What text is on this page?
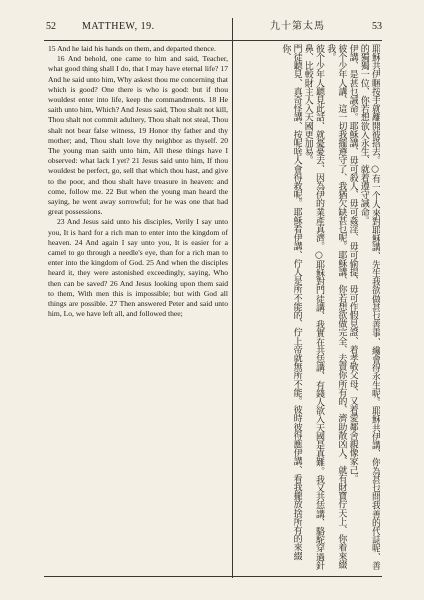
52	MATTHEW, 19.	九十第太馬	53

15 And he laid his hands on them, and departed thence.

16 And behold, one came to him and said, Teacher, what good thing shall I do, that I may have eternal life? 17 And he said unto him, Why askest thou me concerning that which is good? One there is who is good: but if thou wouldest enter into life, keep the commandments. 18 He saith unto him, Which? And Jesus said, Thou shalt not kill, Thou shalt not commit adultery, Thou shalt not steal, Thou shalt not bear false witness, 19 Honor thy father and thy mother; and, Thou shalt love thy neighbor as thyself. 20 The young man saith unto him, All these things have I observed: what lack I yet? 21 Jesus said unto him, If thou wouldest be perfect, go, sell that which thou hast, and give to the poor, and thou shalt have treasure in heaven: and come, follow me. 22 But when the young man heard the saying, he went away sorrowful; for he was one that had great possessions.

23 And Jesus said unto his disciples, Verily I say unto you, It is hard for a rich man to enter into the kingdom of heaven. 24 And again I say unto you, It is easier for a camel to go through a needle's eye, than for a rich man to enter into the kingdom of God. 25 And when the disciples heard it, they were astonished exceedingly, saying, Who then can be saved? 26 And Jesus looking upon them said to them, With men this is impossible; but with God all things are possible. 27 Then answered Peter and said unto him, Lo, we have left all, and followed thee;	耶穌共伊睏按手就離開彼搭去。○有一个人來對耶穌講、先生我欲做甚乜善事、纔會得永生呢。耶穌共伊講、你為甚乜問我善的代誌呢、善的獨獨一位、你若想欲入永生、就着遵守誡命。
伊講、是甚乜誡命。耶穌講、毋可殺人、毋可姦淫、毋可偷提、毋可作假見證、着孝敬父母、又着愛鄰舍親像家己。
彼个少年人講、這一切我攏遵守了、我猶欠缺甚乜呢。耶穌講、你若想欲做完全、去賣你所有的、濟助散凶人、就有財寶佇天上、你着來綴我。
彼个少年人聽見此話、就憂憂去、因為伊的業產真濟。○耶穌對門徒講、我實在共恁講、有錢人欲入天國是真難。我又共恁講、駱駝穿過針鼻、比較財主人入天國更加易。
門徒聽見、真奇怪講、按呢啥人會得救呢。耶穌看伊講、佇人是所不能的、佇上帝就無所不能。彼時彼得應伊講、看我攏放捨所有的來綴你、
